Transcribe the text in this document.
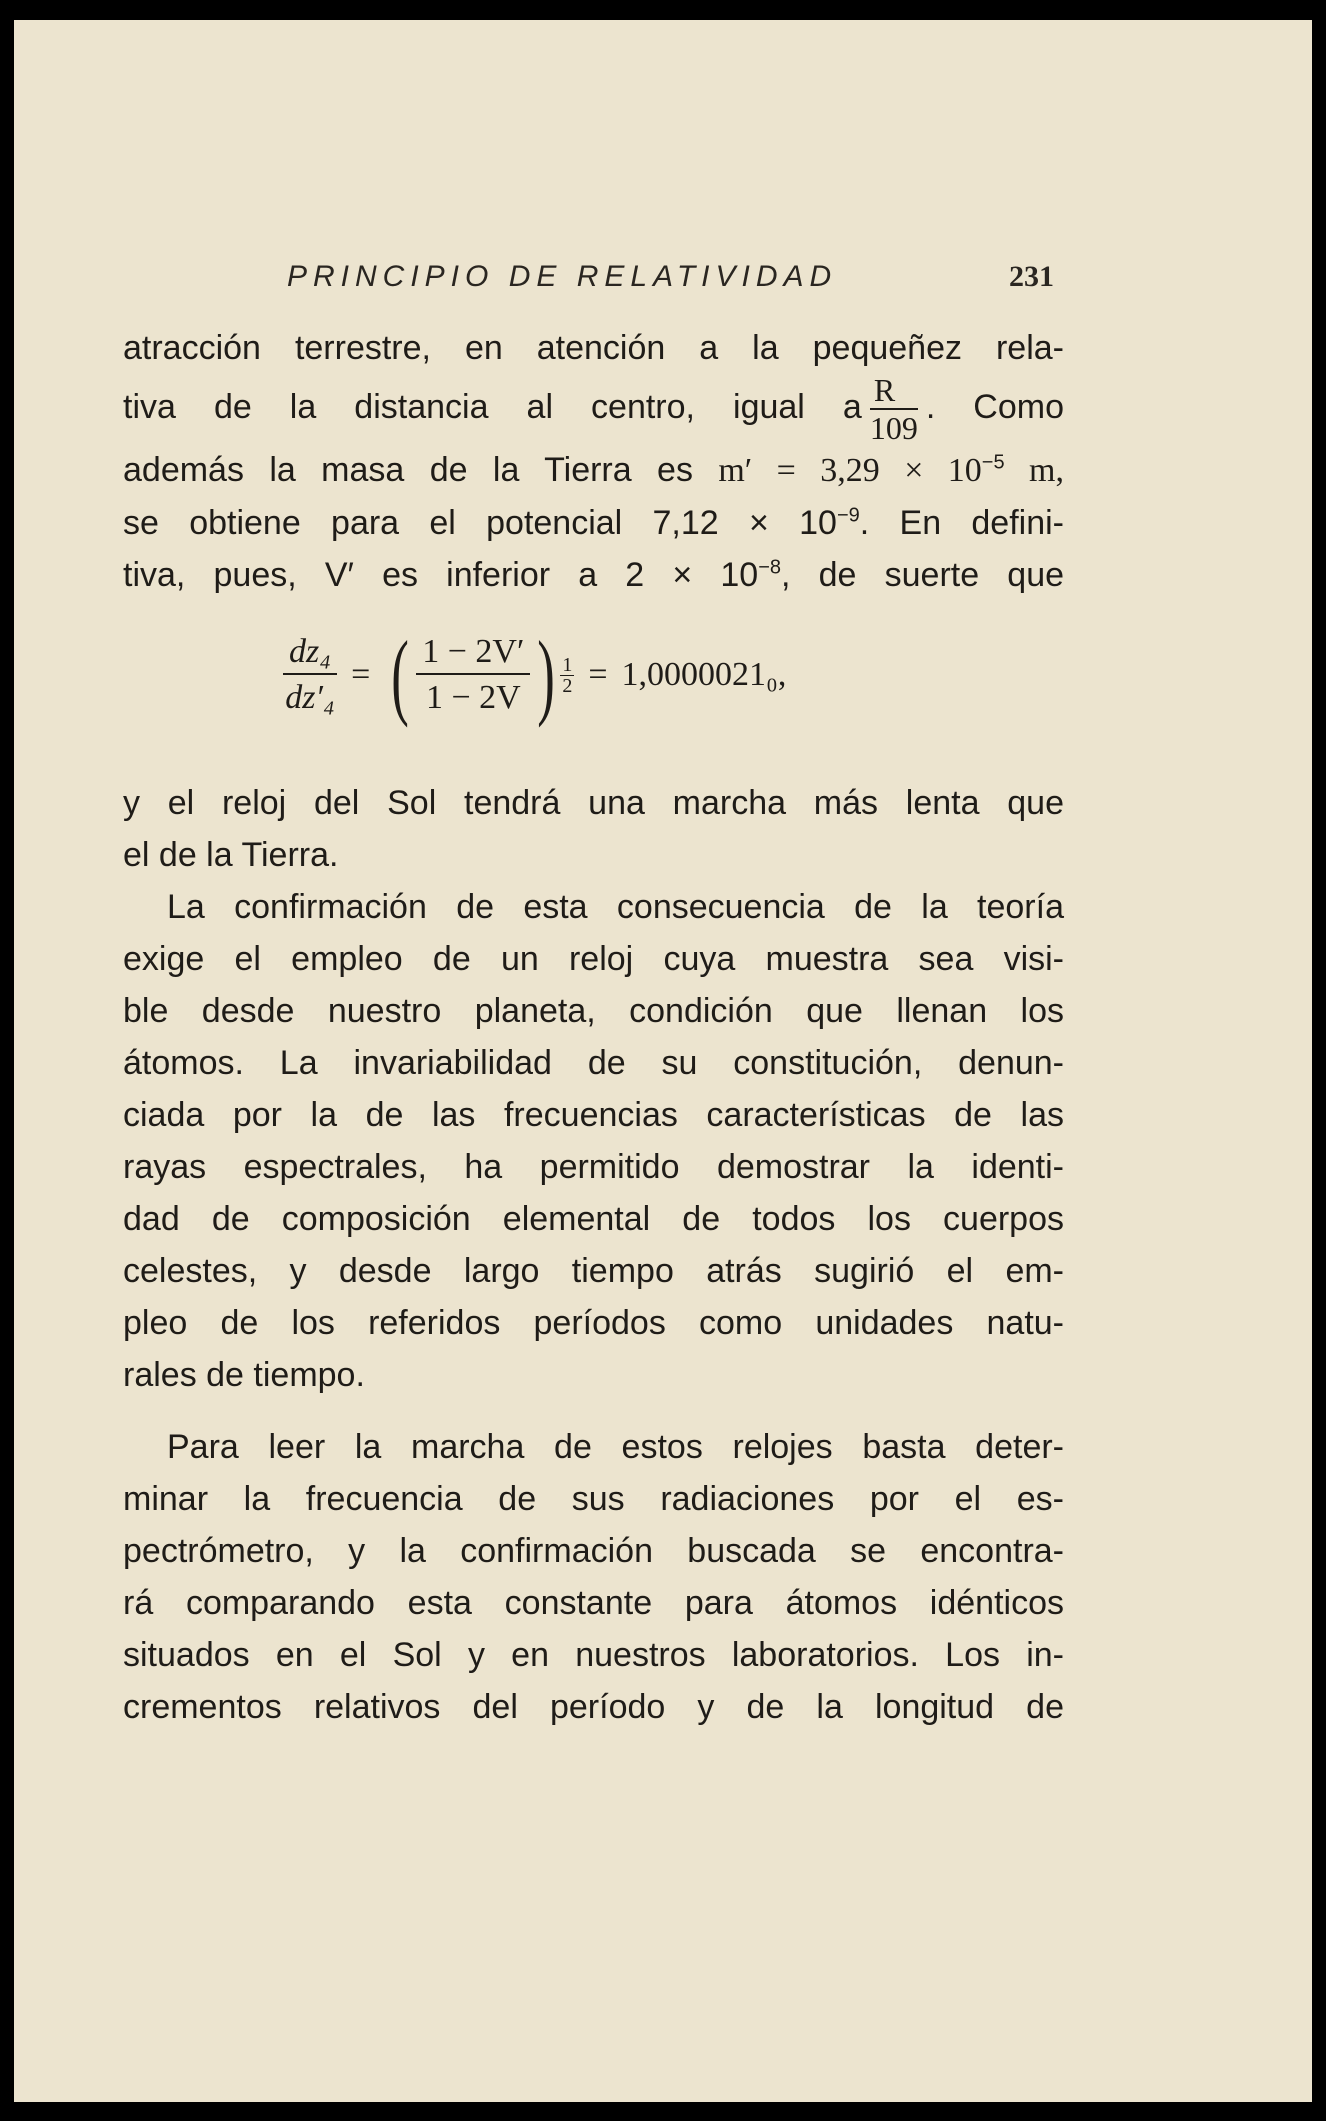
PRINCIPIO DE RELATIVIDAD	231
atracción terrestre, en atención a la pequeñez rela-
tiva de la distancia al centro, igual a $\frac{R}{109}$ . Como
además la masa de la Tierra es $m' = 3,29 \times 10^{-5}$ m,
se obtiene para el potencial $7,12 \times 10^{-9}$. En defini-
tiva, pues, V′ es inferior a $2 \times 10^{-8}$, de suerte que
$\frac{\text{dz₄}}{\text{dz′₄}}$ = ( $\frac{1 - 2V'}{1 - 2V}$ ) $\frac{1}{2} = 1,0000021_0$,
y el reloj del Sol tendrá una marcha más lenta que
el de la Tierra.
La confirmación de esta consecuencia de la teoría
exige el empleo de un reloj cuya muestra sea visi-
ble desde nuestro planeta, condición que llenan los
átomos. La invariabilidad de su constitución, denun-
ciada por la de las frecuencias características de las
rayas espectrales, ha permitido demostrar la identi-
dad de composición elemental de todos los cuerpos
celestes, y desde largo tiempo atrás sugirió el em-
pleo de los referidos períodos como unidades natu-
rales de tiempo.
Para leer la marcha de estos relojes basta deter-
minar la frecuencia de sus radiaciones por el es-
pectrómetro, y la confirmación buscada se encontra-
rá comparando esta constante para átomos idénticos
situados en el Sol y en nuestros laboratorios. Los in-
crementos relativos del período y de la longitud de
